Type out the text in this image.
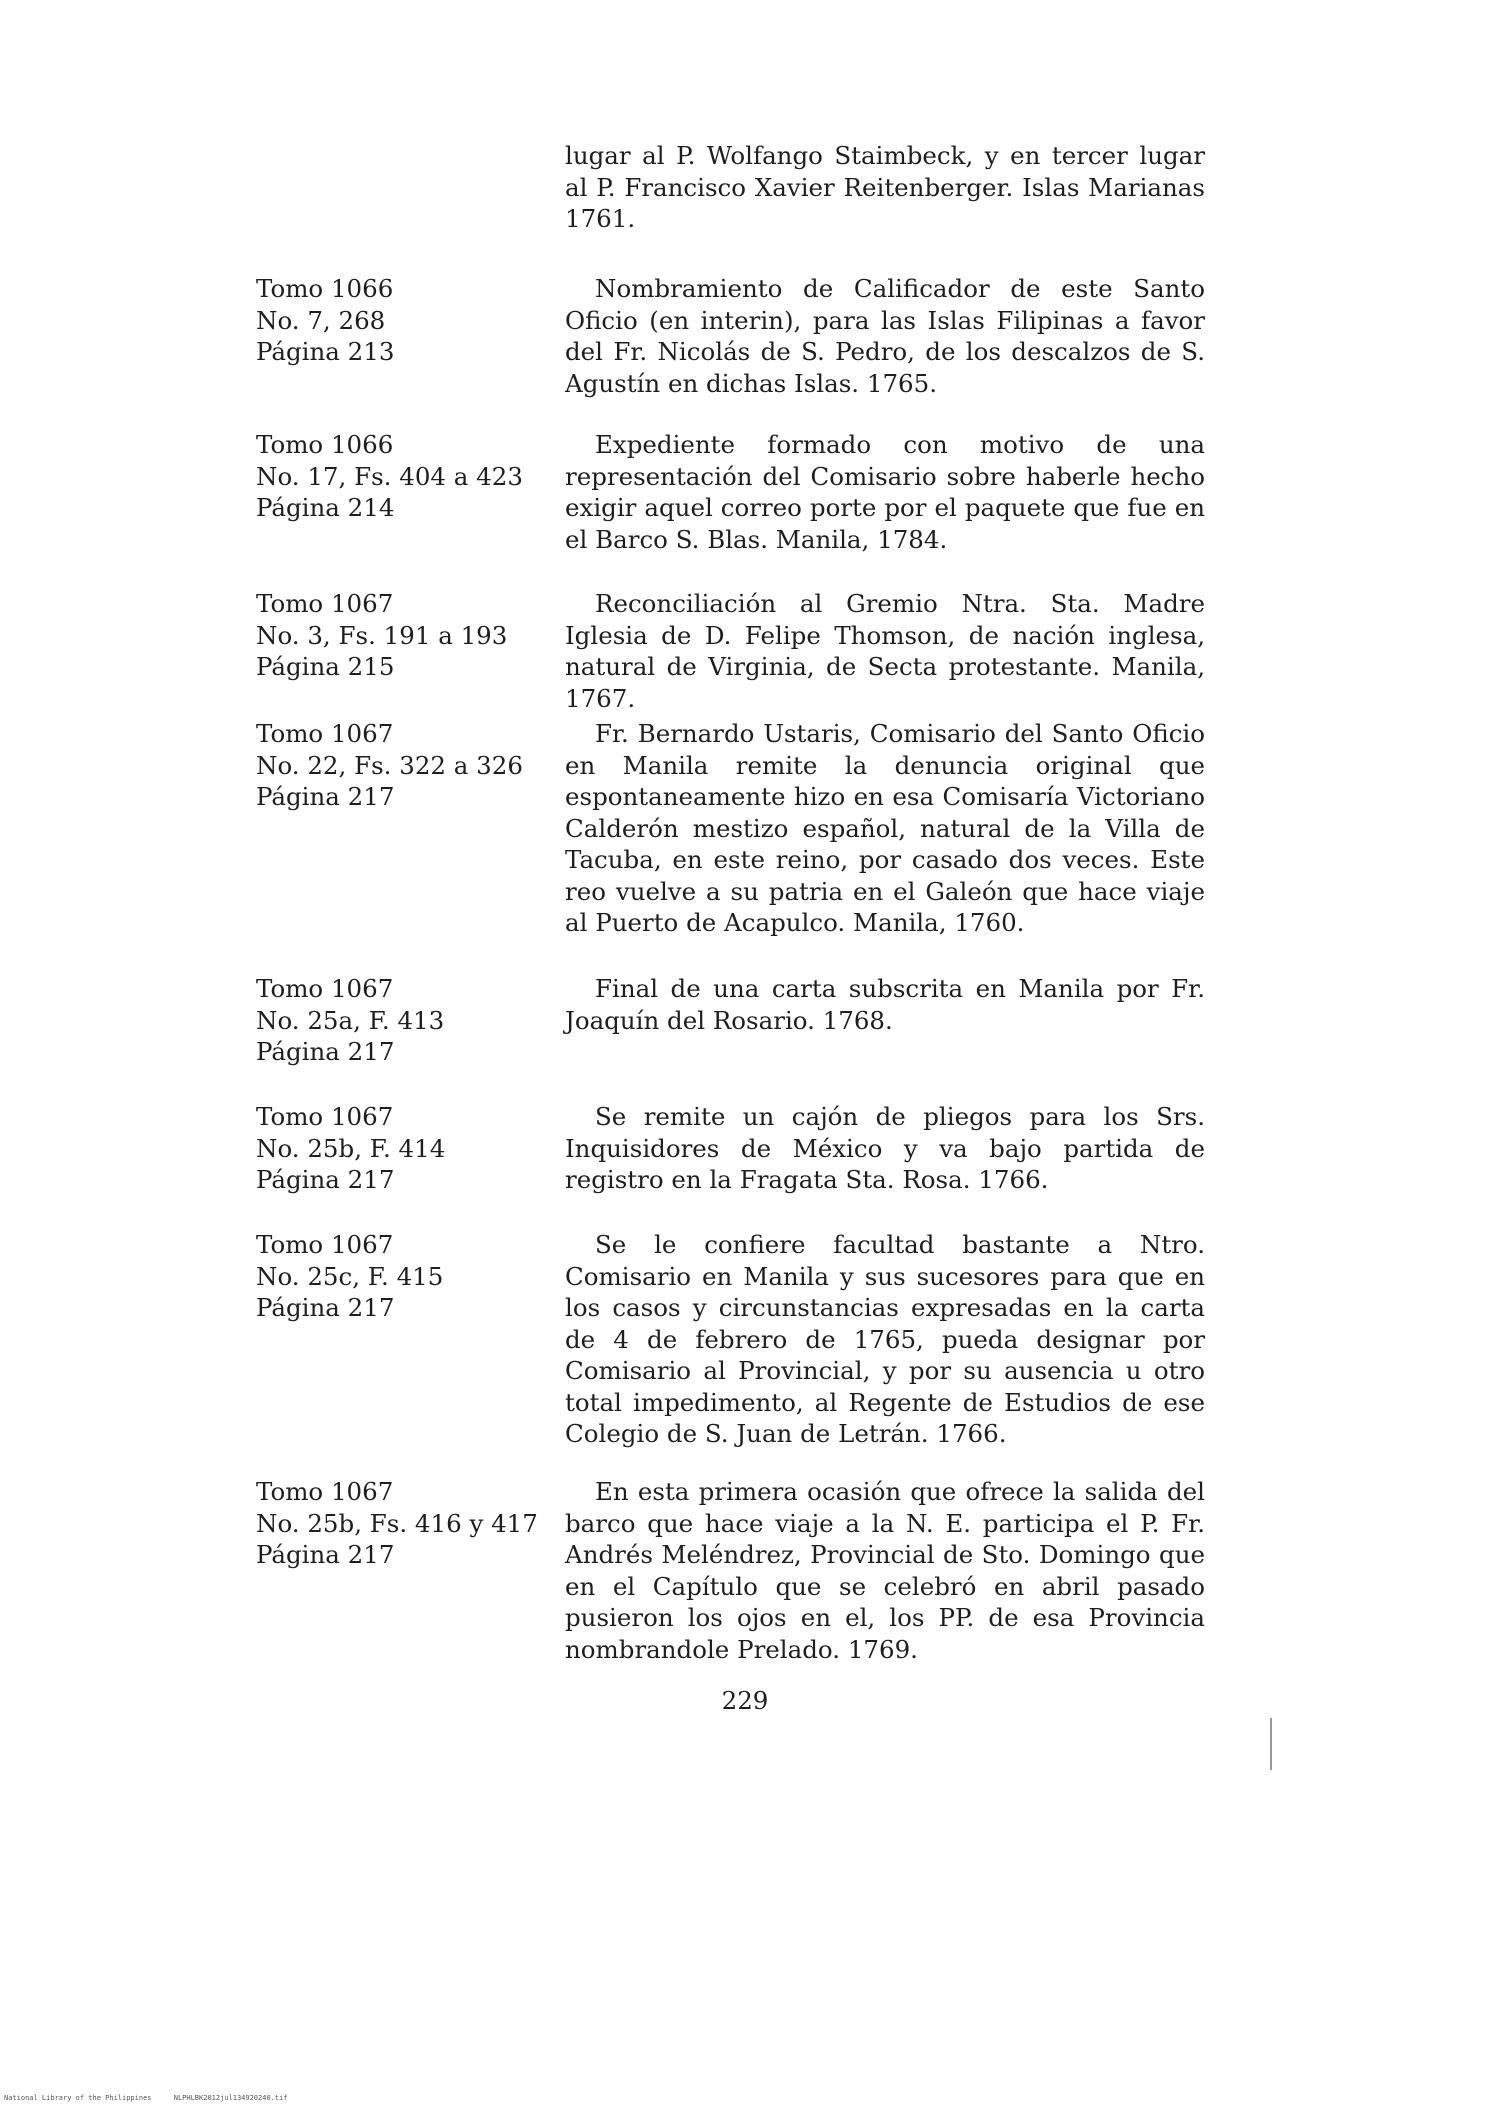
lugar al P. Wolfango Staimbeck, y en tercer lugar al P. Francisco Xavier Reitenberger. Islas Marianas 1761.
Tomo 1066
No. 7, 268
Página 213
Nombramiento de Calificador de este Santo Oficio (en interin), para las Islas Filipinas a favor del Fr. Nicolás de S. Pedro, de los descalzos de S. Agustín en dichas Islas. 1765.
Tomo 1066
No. 17, Fs. 404 a 423
Página 214
Expediente formado con motivo de una representación del Comisario sobre haberle hecho exigir aquel correo porte por el paquete que fue en el Barco S. Blas. Manila, 1784.
Tomo 1067
No. 3, Fs. 191 a 193
Página 215
Reconciliación al Gremio Ntra. Sta. Madre Iglesia de D. Felipe Thomson, de nación inglesa, natural de Virginia, de Secta protestante. Manila, 1767.
Tomo 1067
No. 22, Fs. 322 a 326
Página 217
Fr. Bernardo Ustaris, Comisario del Santo Oficio en Manila remite la denuncia original que espontaneamente hizo en esa Comisaría Victoriano Calderón mestizo español, natural de la Villa de Tacuba, en este reino, por casado dos veces. Este reo vuelve a su patria en el Galeón que hace viaje al Puerto de Acapulco. Manila, 1760.
Tomo 1067
No. 25a, F. 413
Página 217
Final de una carta subscrita en Manila por Fr. Joaquín del Rosario. 1768.
Tomo 1067
No. 25b, F. 414
Página 217
Se remite un cajón de pliegos para los Srs. Inquisidores de México y va bajo partida de registro en la Fragata Sta. Rosa. 1766.
Tomo 1067
No. 25c, F. 415
Página 217
Se le confiere facultad bastante a Ntro. Comisario en Manila y sus sucesores para que en los casos y circunstancias expresadas en la carta de 4 de febrero de 1765, pueda designar por Comisario al Provincial, y por su ausencia u otro total impedimento, al Regente de Estudios de ese Colegio de S. Juan de Letrán. 1766.
Tomo 1067
No. 25b, Fs. 416 y 417
Página 217
En esta primera ocasión que ofrece la salida del barco que hace viaje a la N. E. participa el P. Fr. Andrés Meléndrez, Provincial de Sto. Domingo que en el Capítulo que se celebró en abril pasado pusieron los ojos en el, los PP. de esa Provincia nombrandole Prelado. 1769.
229
National Library of the Philippines	NLPHLBK2012jul134920240.tif
